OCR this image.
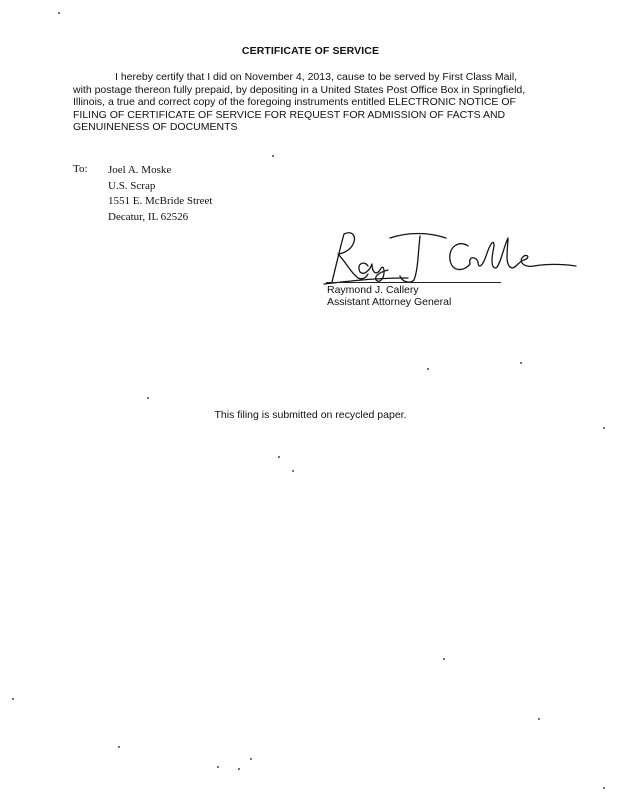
CERTIFICATE OF SERVICE
I hereby certify that I did on November 4, 2013, cause to be served by First Class Mail,
with postage thereon fully prepaid, by depositing in a United States Post Office Box in Springfield,
Illinois, a true and correct copy of the foregoing instruments entitled ELECTRONIC NOTICE OF
FILING OF CERTIFICATE OF SERVICE FOR REQUEST FOR ADMISSION OF FACTS AND
GENUINENESS OF DOCUMENTS
To: Joel A. Moske
U.S. Scrap
1551 E. McBride Street
Decatur, IL 62526
Raymond J. Callery
Assistant Attorney General
This filing is submitted on recycled paper.
